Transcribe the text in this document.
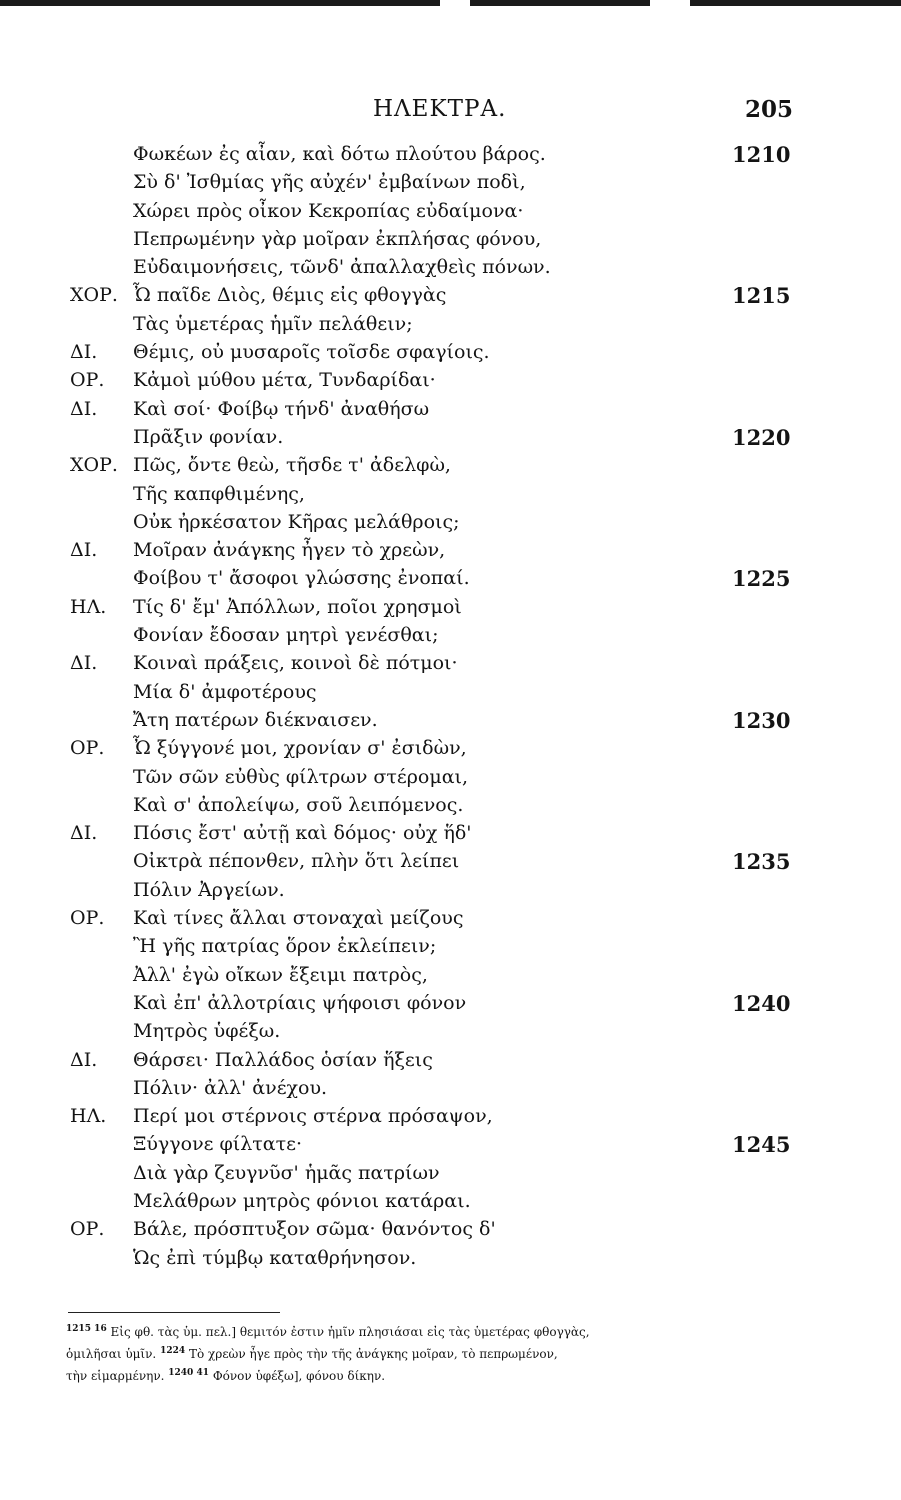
ΗΛΕΚΤΡΑ.	205
Φωκέων ἐς αἶαν, καὶ δότω πλούτου βάρος.	1210
Σὺ δ' Ἰσθμίας γῆς αὐχέν' ἐμβαίνων ποδὶ,
Χώρει πρὸς οἶκον Κεκροπίας εὐδαίμονα·
Πεπρωμένην γὰρ μοῖραν ἐκπλήσας φόνου,
Εὐδαιμονήσεις, τῶνδ' ἀπαλλαχθεὶς πόνων.
ΧΟΡ. Ὦ παῖδε Διὸς, θέμις εἰς φθογγὰς	1215
Τὰς ὑμετέρας ἡμῖν πελάθειν;
ΔΙ. Θέμις, οὐ μυσαροῖς τοῖσδε σφαγίοις.
ΟΡ. Κἀμοὶ μύθου μέτα, Τυνδαρίδαι·
ΔΙ. Καὶ σοί· Φοίβῳ τήνδ' ἀναθήσω
Πρᾶξιν φονίαν.	1220
ΧΟΡ. Πῶς, ὄντε θεὼ, τῆσδε τ' ἀδελφὼ,
Τῆς καπφθιμένης,
Οὐκ ἠρκέσατον Κῆρας μελάθροις;
ΔΙ. Μοῖραν ἀνάγκης ἦγεν τὸ χρεὼν,
Φοίβου τ' ἄσοφοι γλώσσης ἐνοπαί.	1225
ΗΛ. Τίς δ' ἔμ' Ἀπόλλων, ποῖοι χρησμοὶ
Φονίαν ἔδοσαν μητρὶ γενέσθαι;
ΔΙ. Κοιναὶ πράξεις, κοινοὶ δὲ πότμοι·
Μία δ' ἀμφοτέρους
Ἄτη πατέρων διέκναισεν.	1230
ΟΡ. Ὦ ξύγγονέ μοι, χρονίαν σ' ἐσιδὼν,
Τῶν σῶν εὐθὺς φίλτρων στέρομαι,
Καὶ σ' ἀπολείψω, σοῦ λειπόμενος.
ΔΙ. Πόσις ἔστ' αὐτῇ καὶ δόμος· οὐχ ἥδ'
Οἰκτρὰ πέπονθεν, πλὴν ὅτι λείπει	1235
Πόλιν Ἀργείων.
ΟΡ. Καὶ τίνες ἄλλαι στοναχαὶ μείζους
Ἢ γῆς πατρίας ὅρον ἐκλείπειν;
Ἀλλ' ἐγὼ οἴκων ἔξειμι πατρὸς,
Καὶ ἐπ' ἀλλοτρίαις ψήφοισι φόνον	1240
Μητρὸς ὑφέξω.
ΔΙ. Θάρσει· Παλλάδος ὁσίαν ἥξεις
Πόλιν· ἀλλ' ἀνέχου.
ΗΛ. Περί μοι στέρνοις στέρνα πρόσαψον,
Ξύγγονε φίλτατε·	1245
Διὰ γὰρ ζευγνῦσ' ἡμᾶς πατρίων
Μελάθρων μητρὸς φόνιοι κατάραι.
ΟΡ. Βάλε, πρόσπτυξον σῶμα· θανόντος δ'
Ὡς ἐπὶ τύμβῳ καταθρήνησον.
$^{1215 16}$ Εἰς φθ. τὰς ὑμ. πελ.] θεμιτόν ἐστιν ἡμῖν πλησιάσαι εἰς τὰς ὑμετέρας φθογγὰς,
ὁμιλῆσαι ὑμῖν. $^{1224}$ Τὸ χρεὼν ἦγε πρὸς τὴν τῆς ἀνάγκης μοῖραν, τὸ πεπρωμένον,
τὴν εἱμαρμένην. $^{1240 41}$ Φόνον ὑφέξω], φόνου δίκην.
